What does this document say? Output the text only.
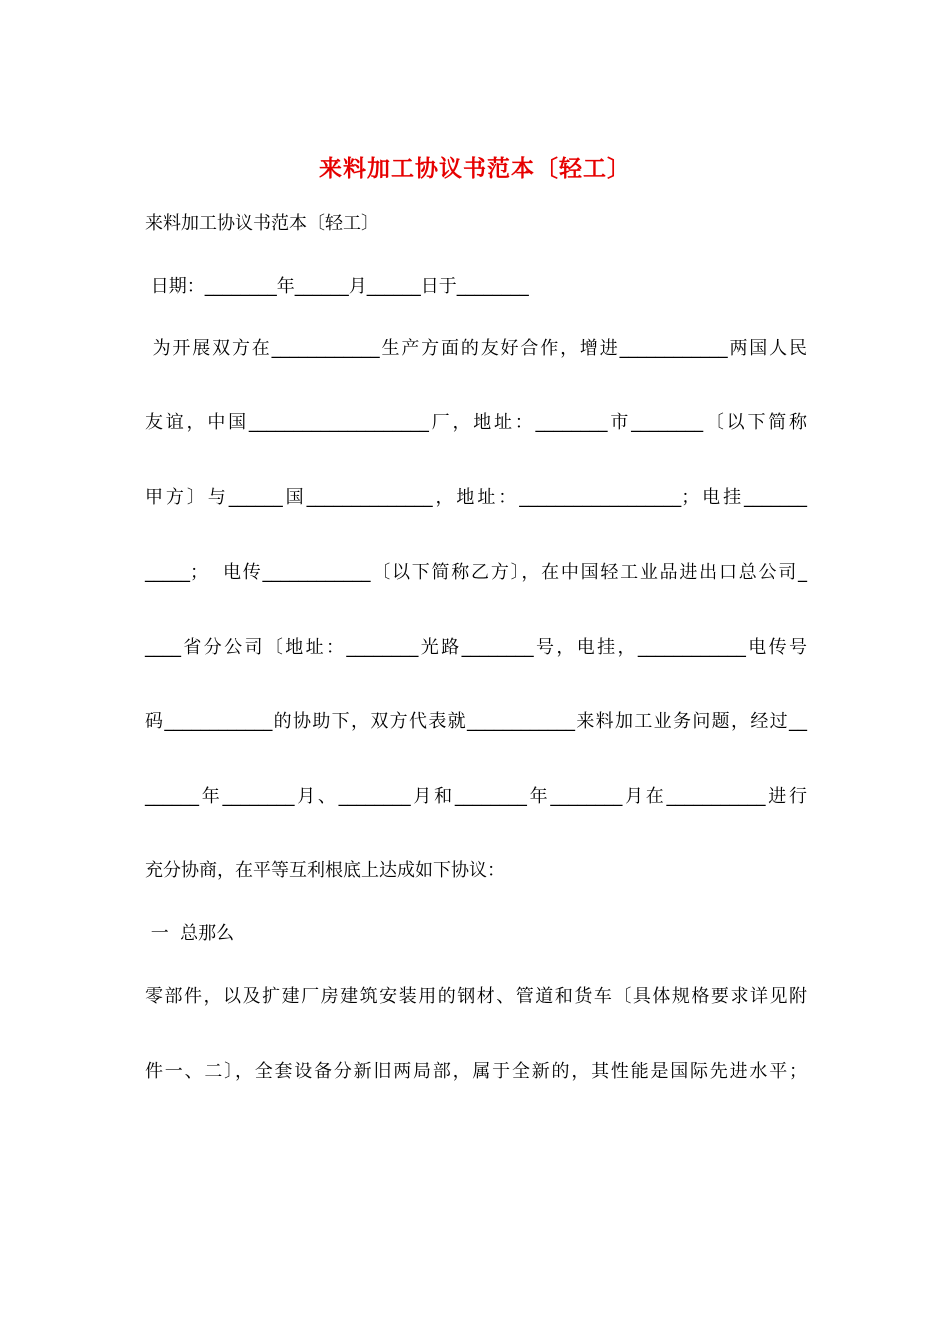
来料加工协议书范本〔轻工〕
来料加工协议书范本〔轻工〕
日期：________年______月______日于________
为开展双方在____________生产方面的友好合作，增进____________两国人民
友谊，中国____________________厂，地址：________市________〔以下简称
甲方〕与______国______________，地址：__________________；电挂_______
_____；  电传____________〔以下简称乙方〕，在中国轻工业品进出口总公司_
____省分公司〔地址：________光路________号，电挂，____________电传号
码____________的协助下，双方代表就____________来料加工业务问题，经过__
______年________月、________月和________年________月在___________进行
充分协商，在平等互利根底上达成如下协议：
一  总那么
零部件，以及扩建厂房建筑安装用的钢材、管道和货车〔具体规格要求详见附
件一、二〕，全套设备分新旧两局部，属于全新的，其性能是国际先进水平；
